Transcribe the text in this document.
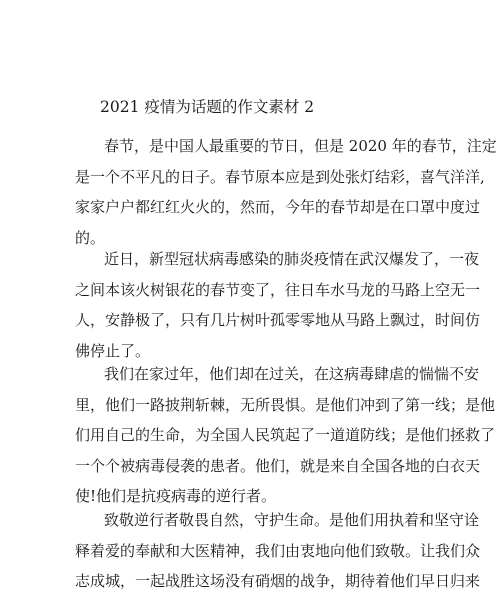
2021 疫情为话题的作文素材 2
春节，是中国人最重要的节日，但是 2020 年的春节，注定
是一个不平凡的日子。春节原本应是到处张灯结彩，喜气洋洋,
家家户户都红红火火的，然而，今年的春节却是在口罩中度过
的。
近日，新型冠状病毒感染的肺炎疫情在武汉爆发了，一夜
之间本该火树银花的春节变了，往日车水马龙的马路上空无一
人，安静极了，只有几片树叶孤零零地从马路上飘过，时间仿
佛停止了。
我们在家过年，他们却在过关，在这病毒肆虐的惴惴不安
里，他们一路披荆斩棘，无所畏惧。是他们冲到了第一线；是他
们用自己的生命，为全国人民筑起了一道道防线；是他们拯救了
一个个被病毒侵袭的患者。他们，就是来自全国各地的白衣天
使!他们是抗疫病毒的逆行者。
致敬逆行者敬畏自然，守护生命。是他们用执着和坚守诠
释着爱的奉献和大医精神，我们由衷地向他们致敬。让我们众
志成城，一起战胜这场没有硝烟的战争，期待着他们早日归来
